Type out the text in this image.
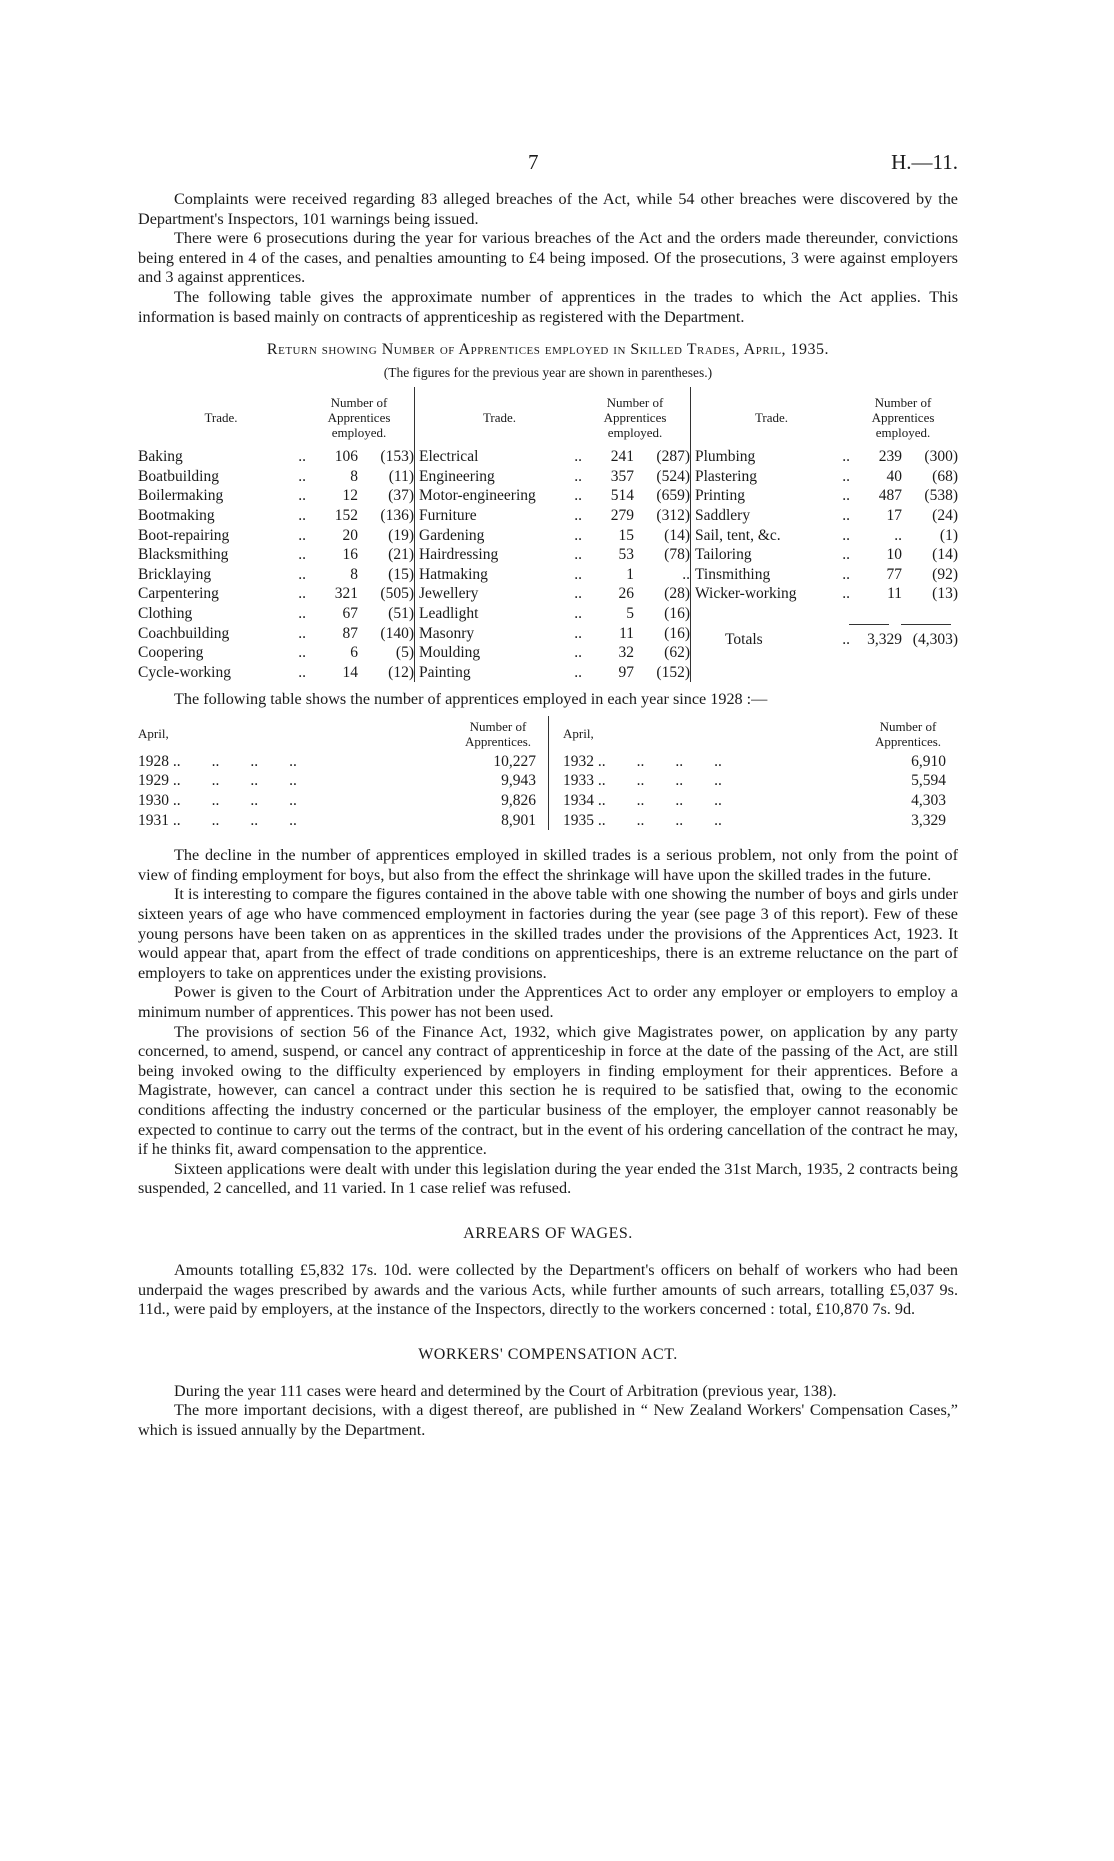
7	H.—11.

Complaints were received regarding 83 alleged breaches of the Act, while 54 other breaches were discovered by the Department's Inspectors, 101 warnings being issued.

There were 6 prosecutions during the year for various breaches of the Act and the orders made thereunder, convictions being entered in 4 of the cases, and penalties amounting to £4 being imposed. Of the prosecutions, 3 were against employers and 3 against apprentices.

The following table gives the approximate number of apprentices in the trades to which the Act applies. This information is based mainly on contracts of apprenticeship as registered with the Department.

Return showing Number of Apprentices employed in Skilled Trades, April, 1935.
(The figures for the previous year are shown in parentheses.)
Trade.
Number of Apprentices employed.
Baking	..	106	(153)
Boatbuilding	..	8	(11)
Boilermaking	..	12	(37)
Bootmaking	..	152	(136)
Boot-repairing	..	20	(19)
Blacksmithing	..	16	(21)
Bricklaying	..	8	(15)
Carpentering	..	321	(505)
Clothing	..	67	(51)
Coachbuilding	..	87	(140)
Coopering	..	6	(5)
Cycle-working	..	14	(12)
Trade.
Number of Apprentices employed.
Electrical	..	241	(287)
Engineering	..	357	(524)
Motor-engineering ..	514	(659)
Furniture	..	279	(312)
Gardening	..	15	(14)
Hairdressing	..	53	(78)
Hatmaking	..	1	..
Jewellery	..	26	(28)
Leadlight	..	5	(16)
Masonry	..	11	(16)
Moulding	..	32	(62)
Painting	..	97	(152)
Trade.
Number of Apprentices employed.
Plumbing	..	239	(300)
Plastering	..	40	(68)
Printing	..	487	(538)
Saddlery	..	17	(24)
Sail, tent, &c.	..	..	(1)
Tailoring	..	10	(14)
Tinsmithing	..	77	(92)
Wicker-working	..	11	(13)
Totals	..	3,329 (4,303)

The following table shows the number of apprentices employed in each year since 1928 :—

April,	Number of Apprentices.
1928 ..        ..        ..        ..	10,227
1929 ..        ..        ..        ..	9,943
1930 ..        ..        ..        ..	9,826
1931 ..        ..        ..        ..	8,901
April,	Number of Apprentices.
1932 ..        ..        ..        ..	6,910
1933 ..        ..        ..        ..	5,594
1934 ..        ..        ..        ..	4,303
1935 ..        ..        ..        ..	3,329

The decline in the number of apprentices employed in skilled trades is a serious problem, not only from the point of view of finding employment for boys, but also from the effect the shrinkage will have upon the skilled trades in the future.

It is interesting to compare the figures contained in the above table with one showing the number of boys and girls under sixteen years of age who have commenced employment in factories during the year (see page 3 of this report). Few of these young persons have been taken on as apprentices in the skilled trades under the provisions of the Apprentices Act, 1923. It would appear that, apart from the effect of trade conditions on apprenticeships, there is an extreme reluctance on the part of employers to take on apprentices under the existing provisions.

Power is given to the Court of Arbitration under the Apprentices Act to order any employer or employers to employ a minimum number of apprentices. This power has not been used.

The provisions of section 56 of the Finance Act, 1932, which give Magistrates power, on application by any party concerned, to amend, suspend, or cancel any contract of apprenticeship in force at the date of the passing of the Act, are still being invoked owing to the difficulty experienced by employers in finding employment for their apprentices. Before a Magistrate, however, can cancel a contract under this section he is required to be satisfied that, owing to the economic conditions affecting the industry concerned or the particular business of the employer, the employer cannot reasonably be expected to continue to carry out the terms of the contract, but in the event of his ordering cancellation of the contract he may, if he thinks fit, award compensation to the apprentice.

Sixteen applications were dealt with under this legislation during the year ended the 31st March, 1935, 2 contracts being suspended, 2 cancelled, and 11 varied. In 1 case relief was refused.

ARREARS OF WAGES.

Amounts totalling £5,832 17s. 10d. were collected by the Department's officers on behalf of workers who had been underpaid the wages prescribed by awards and the various Acts, while further amounts of such arrears, totalling £5,037 9s. 11d., were paid by employers, at the instance of the Inspectors, directly to the workers concerned : total, £10,870 7s. 9d.

WORKERS' COMPENSATION ACT.

During the year 111 cases were heard and determined by the Court of Arbitration (previous year, 138).

The more important decisions, with a digest thereof, are published in “ New Zealand Workers' Compensation Cases,” which is issued annually by the Department.
